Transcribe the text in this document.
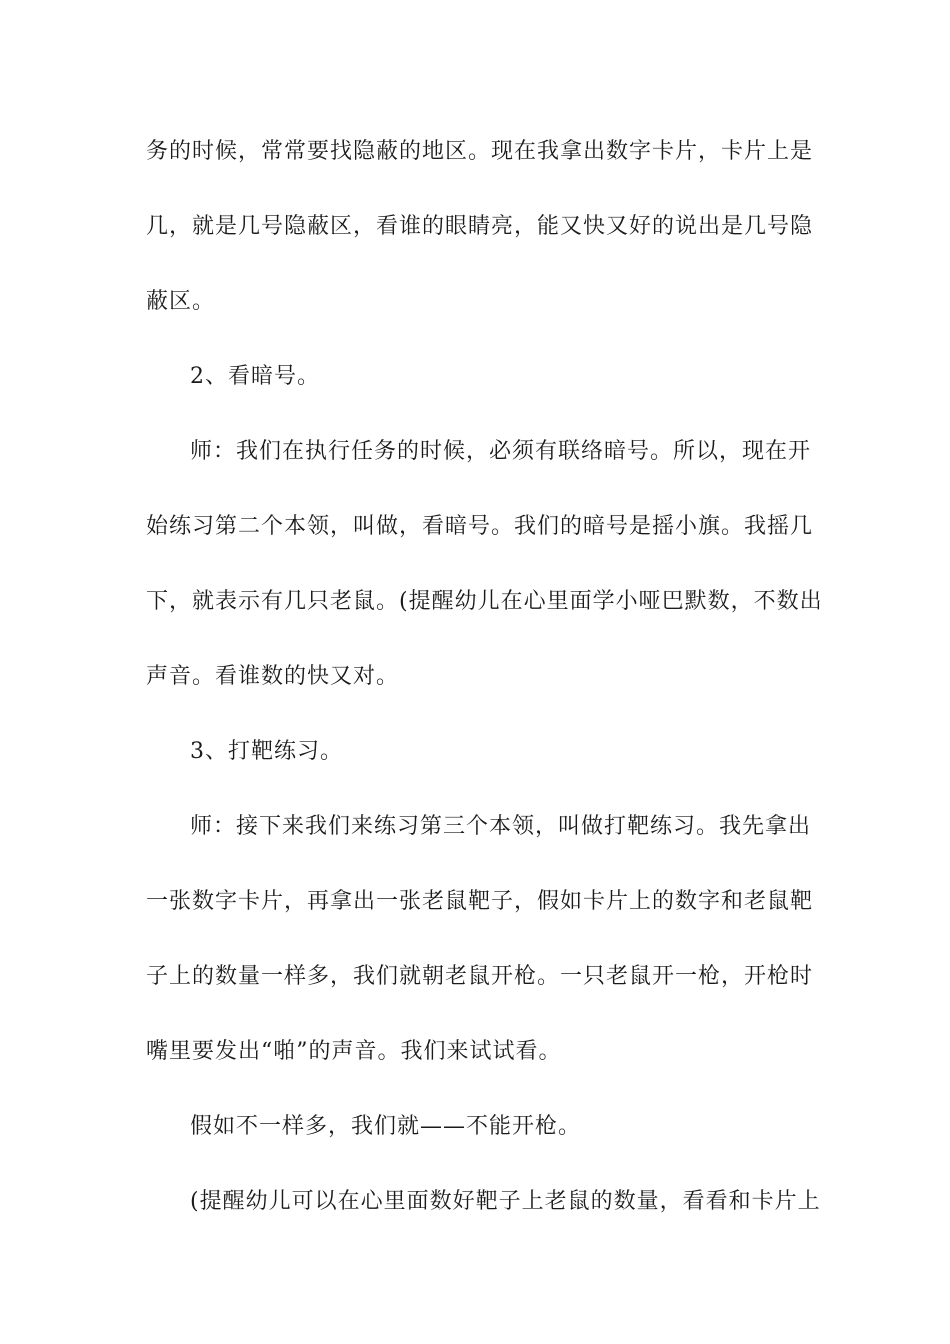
务的时候，常常要找隐蔽的地区。现在我拿出数字卡片，卡片上是
几，就是几号隐蔽区，看谁的眼睛亮，能又快又好的说出是几号隐
蔽区。
2、看暗号。
师：我们在执行任务的时候，必须有联络暗号。所以，现在开
始练习第二个本领，叫做，看暗号。我们的暗号是摇小旗。我摇几
下，就表示有几只老鼠。(提醒幼儿在心里面学小哑巴默数，不数出
声音。看谁数的快又对。
3、打靶练习。
师：接下来我们来练习第三个本领，叫做打靶练习。我先拿出
一张数字卡片，再拿出一张老鼠靶子，假如卡片上的数字和老鼠靶
子上的数量一样多，我们就朝老鼠开枪。一只老鼠开一枪，开枪时
嘴里要发出“啪”的声音。我们来试试看。
假如不一样多，我们就——不能开枪。
(提醒幼儿可以在心里面数好靶子上老鼠的数量，看看和卡片上
